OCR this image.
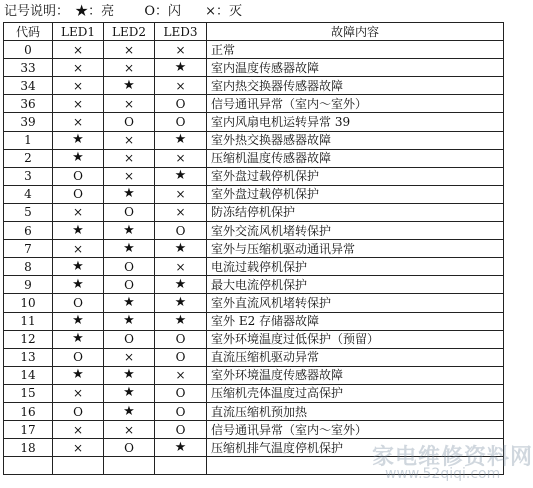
记号说明： ★：亮 O：闪 ×：灭
代码	LED1	LED2	LED3	故障内容
0	×	×	×	正常
33	×	×	★	室内温度传感器故障
34	×	★	×	室内热交换器传感器故障
36	×	×	O	信号通讯异常（室内～室外）
39	×	O	O	室内风扇电机运转异常 39
1	★	×	★	室外热交换器感器故障
2	★	×	×	压缩机温度传感器故障
3	O	×	★	室外盘过载停机保护
4	O	★	×	室外盘过载停机保护
5	×	O	×	防冻结停机保护
6	★	★	O	室外交流风机堵转保护
7	×	★	★	室外与压缩机驱动通讯异常
8	★	O	×	电流过载停机保护
9	★	O	★	最大电流停机保护
10	O	★	★	室外直流风机堵转保护
11	★	★	★	室外 E2 存储器故障
12	★	O	O	室外环境温度过低保护（预留）
13	O	×	O	直流压缩机驱动异常
14	★	★	×	室外环境温度传感器故障
15	×	★	O	压缩机壳体温度过高保护
16	O	★	O	直流压缩机预加热
17	×	×	O	信号通讯异常（室内～室外）
18	×	O	★	压缩机排气温度停机保护
				家电维修资料网
www.52qiqi.com
